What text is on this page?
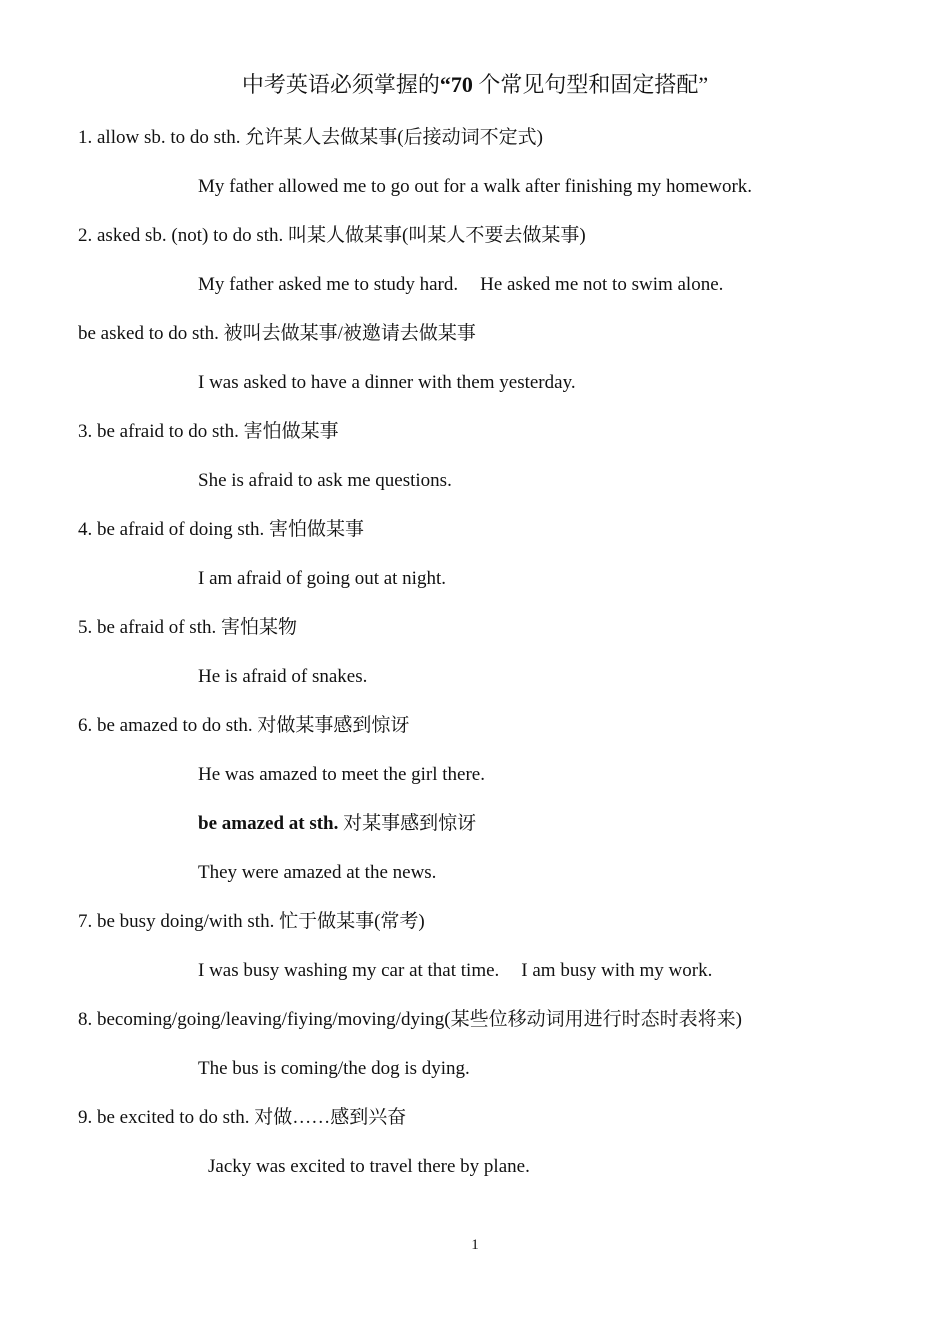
中考英语必须掌握的“70 个常见句型和固定搭配”
1. allow sb. to do sth. 允许某人去做某事(后接动词不定式)
My father allowed me to go out for a walk after finishing my homework.
2. asked sb. (not) to do sth. 叫某人做某事(叫某人不要去做某事)
My father asked me to study hard. He asked me not to swim alone.
be asked to do sth. 被叫去做某事/被邀请去做某事
I was asked to have a dinner with them yesterday.
3. be afraid to do sth. 害怕做某事
She is afraid to ask me questions.
4. be afraid of doing sth. 害怕做某事
I am afraid of going out at night.
5. be afraid of sth. 害怕某物
He is afraid of snakes.
6. be amazed to do sth. 对做某事感到惊讶
He was amazed to meet the girl there.
be amazed at sth. 对某事感到惊讶
They were amazed at the news.
7. be busy doing/with sth. 忙于做某事(常考)
I was busy washing my car at that time. I am busy with my work.
8. becoming/going/leaving/fiying/moving/dying(某些位移动词用进行时态时表将来)
The bus is coming/the dog is dying.
9. be excited to do sth. 对做……感到兴奋
Jacky was excited to travel there by plane.
1
